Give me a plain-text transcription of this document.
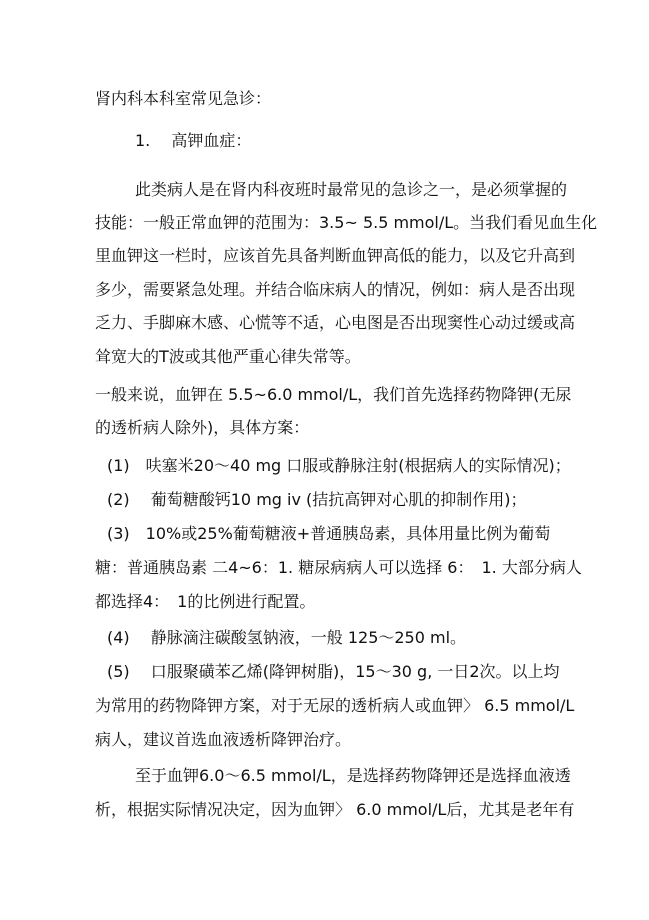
肾内科本科室常见急诊：
1.　 高钾血症：
此类病人是在肾内科夜班时最常见的急诊之一，是必须掌握的
技能：一般正常血钾的范围为：3.5~ 5.5 mmol/L。当我们看见血生化
里血钾这一栏时，应该首先具备判断血钾高低的能力，以及它升高到
多少，需要紧急处理。并结合临床病人的情况，例如：病人是否出现
乏力、手脚麻木感、心慌等不适，心电图是否出现窦性心动过缓或高
耸宽大的T波或其他严重心律失常等。
一般来说，血钾在 5.5~6.0 mmol/L，我们首先选择药物降钾(无尿
的透析病人除外)，具体方案：
(1)　呋塞米20～40 mg 口服或静脉注射(根据病人的实际情况)；
(2)　 葡萄糖酸钙10 mg iv (拮抗高钾对心肌的抑制作用)；
(3)　10%或25%葡萄糖液+普通胰岛素，具体用量比例为葡萄
糖：普通胰岛素 二4~6：1. 糖尿病病人可以选择 6：　1. 大部分病人
都选择4：　1的比例进行配置。
(4)　 静脉滴注碳酸氢钠液，一般 125～250 ml。
(5)　 口服聚磺苯乙烯(降钾树脂)，15～30 g, 一日2次。以上均
为常用的药物降钾方案，对于无尿的透析病人或血钾〉 6.5 mmol/L
病人，建议首选血液透析降钾治疗。
至于血钾6.0～6.5 mmol/L，是选择药物降钾还是选择血液透
析，根据实际情况决定，因为血钾〉 6.0 mmol/L后，尤其是老年有
